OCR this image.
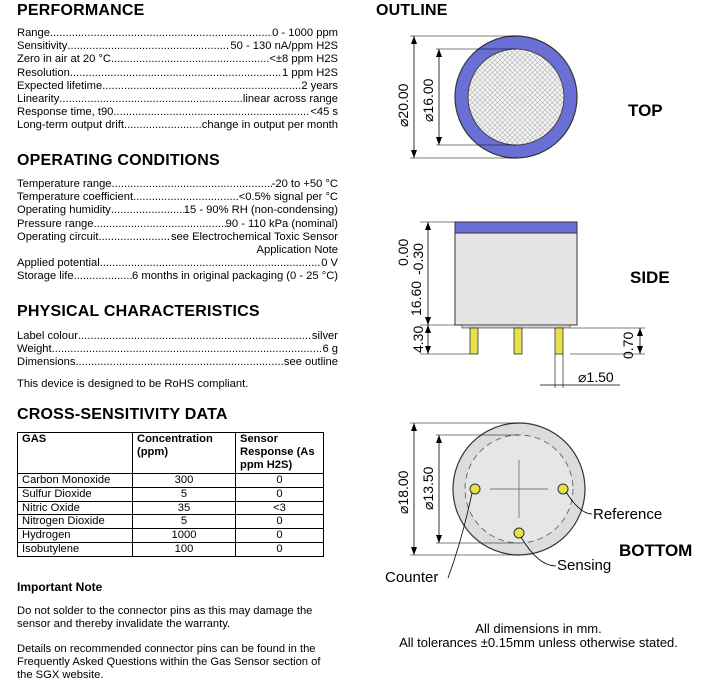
PERFORMANCE
Range .....	0 - 1000 ppm
Sensitivity .....	50 - 130 nA/ppm H2S
Zero in air at 20 °C .....	<±8 ppm H2S
Resolution .....	1 ppm H2S
Expected lifetime .....	2 years
Linearity .....	linear across range
Response time, t90 .....	<45 s
Long-term output drift .....	change in output per month
OPERATING CONDITIONS
Temperature range .....	-20 to +50 °C
Temperature coefficient .....	<0.5% signal per °C
Operating humidity .....	15 - 90% RH (non-condensing)
Pressure range .....	90 - 110 kPa (nominal)
Operating circuit .....	see Electrochemical Toxic Sensor
Application Note
Applied potential .....	0 V
Storage life .....	6 months in original packaging (0 - 25 °C)
PHYSICAL CHARACTERISTICS
Label colour .....	silver
Weight .....	6 g
Dimensions .....	see outline
This device is designed to be RoHS compliant.
CROSS-SENSITIVITY DATA
GAS	Concentration (ppm)	Sensor Response (As ppm H2S)
Carbon Monoxide	300	0
Sulfur Dioxide	5	0
Nitric Oxide	35	<3
Nitrogen Dioxide	5	0
Hydrogen	1000	0
Isobutylene	100	0
Important Note
Do not solder to the connector pins as this may damage the sensor and thereby invalidate the warranty.
Details on recommended connector pins can be found in the Frequently Asked Questions within the Gas Sensor section of the SGX website.
OUTLINE
⌀20.00 ⌀16.00
0.00 -0.30
16.60
4.30	0.70
⌀1.50
⌀18.00 ⌀13.50
TOP
SIDE
BOTTOM
Reference
Sensing
Counter
All dimensions in mm.
All tolerances ±0.15mm unless otherwise stated.
